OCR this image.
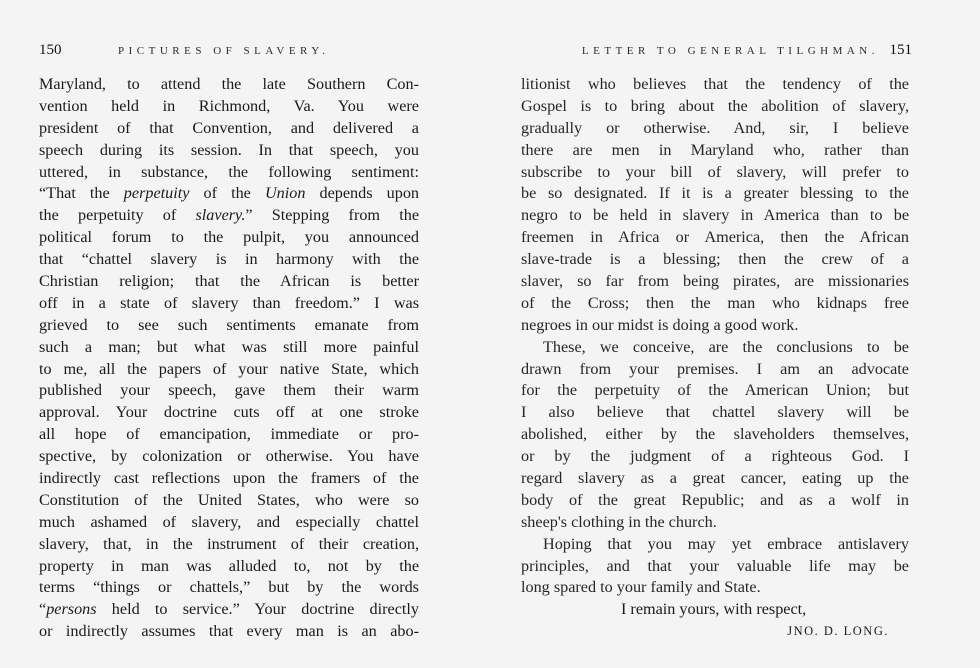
150	PICTURES OF SLAVERY.
Maryland, to attend the late Southern Con-
vention held in Richmond, Va. You were
president of that Convention, and delivered a
speech during its session. In that speech, you
uttered, in substance, the following sentiment:
“That the perpetuity of the Union depends upon
the perpetuity of slavery.” Stepping from the
political forum to the pulpit, you announced
that “chattel slavery is in harmony with the
Christian religion; that the African is better
off in a state of slavery than freedom.” I was
grieved to see such sentiments emanate from
such a man; but what was still more painful
to me, all the papers of your native State, which
published your speech, gave them their warm
approval. Your doctrine cuts off at one stroke
all hope of emancipation, immediate or pro-
spective, by colonization or otherwise. You have
indirectly cast reflections upon the framers of the
Constitution of the United States, who were so
much ashamed of slavery, and especially chattel
slavery, that, in the instrument of their creation,
property in man was alluded to, not by the
terms “things or chattels,” but by the words
“persons held to service.” Your doctrine directly
or indirectly assumes that every man is an abo-
LETTER TO GENERAL TILGHMAN. 151
litionist who believes that the tendency of the
Gospel is to bring about the abolition of slavery,
gradually or otherwise. And, sir, I believe
there are men in Maryland who, rather than
subscribe to your bill of slavery, will prefer to
be so designated. If it is a greater blessing to the
negro to be held in slavery in America than to be
freemen in Africa or America, then the African
slave-trade is a blessing; then the crew of a
slaver, so far from being pirates, are missionaries
of the Cross; then the man who kidnaps free
negroes in our midst is doing a good work.
These, we conceive, are the conclusions to be
drawn from your premises. I am an advocate
for the perpetuity of the American Union; but
I also believe that chattel slavery will be
abolished, either by the slaveholders themselves,
or by the judgment of a righteous God. I
regard slavery as a great cancer, eating up the
body of the great Republic; and as a wolf in
sheep's clothing in the church.
Hoping that you may yet embrace antislavery
principles, and that your valuable life may be
long spared to your family and State.
I remain yours, with respect,
JNO. D. LONG.
